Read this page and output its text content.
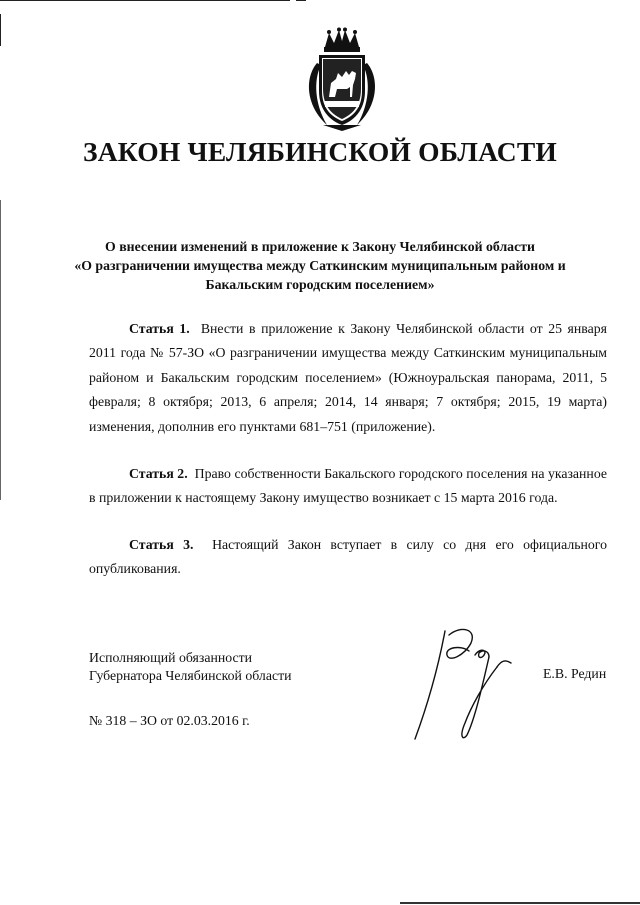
ЗАКОН ЧЕЛЯБИНСКОЙ ОБЛАСТИ
О внесении изменений в приложение к Закону Челябинской области
«О разграничении имущества между Саткинским муниципальным районом и
Бакальским городским поселением»

Статья 1. Внести в приложение к Закону Челябинской области от 25 января 2011 года № 57-ЗО «О разграничении имущества между Саткинским муниципальным районом и Бакальским городским поселением» (Южноуральская панорама, 2011, 5 февраля; 8 октября; 2013, 6 апреля; 2014, 14 января; 7 октября; 2015, 19 марта) изменения, дополнив его пунктами 681–751 (приложение).

Статья 2. Право собственности Бакальского городского поселения на указанное в приложении к настоящему Закону имущество возникает с 15 марта 2016 года.

Статья 3. Настоящий Закон вступает в силу со дня его официального опубликования.

Исполняющий обязанности
Губернатора Челябинской области	Е.В. Редин
№ 318 – ЗО от 02.03.2016 г.
